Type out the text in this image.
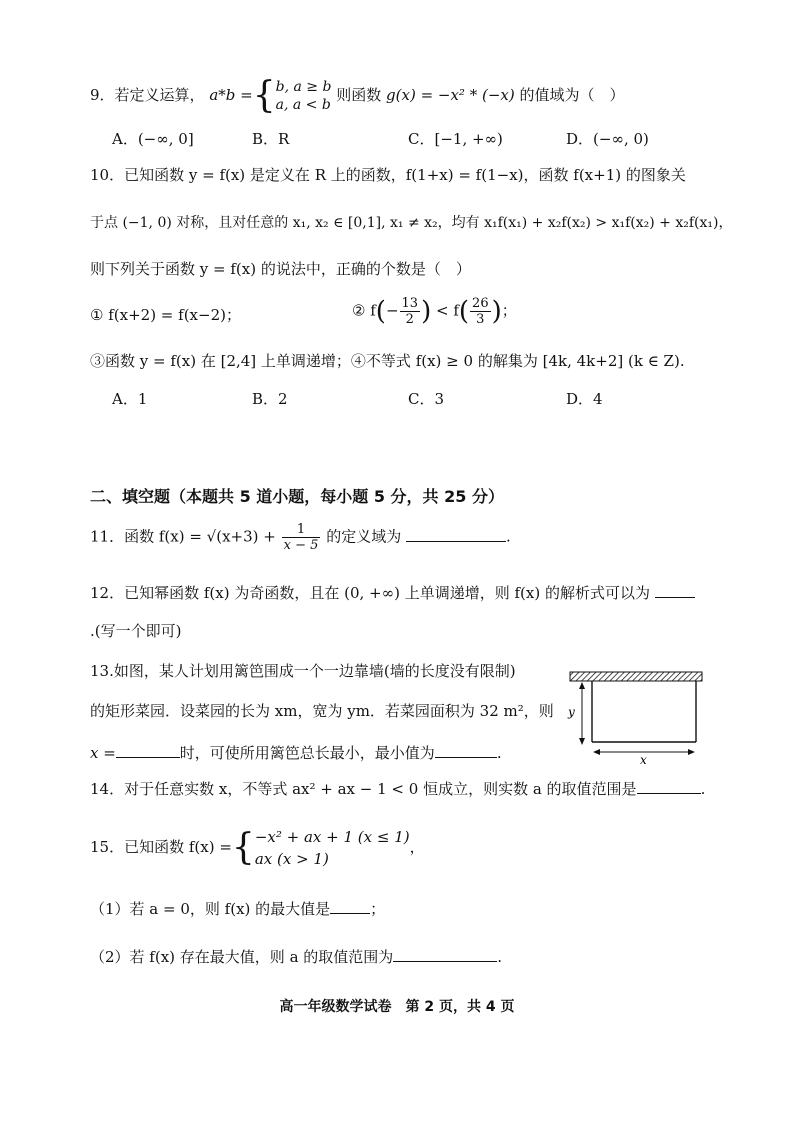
9．若定义运算， a*b ={ b, a ≥ b
a, a < b
则函数 g(x) = −x² * (−x) 的值域为（　）
A．(−∞, 0]	B．R	C．[−1, +∞)	D．(−∞, 0)
10．已知函数 y = f(x) 是定义在 R 上的函数，f(1+x) = f(1−x)，函数 f(x+1) 的图象关
于点 (−1, 0) 对称，且对任意的 x₁, x₂ ∈ [0,1], x₁ ≠ x₂，均有 x₁f(x₁) + x₂f(x₂) > x₁f(x₂) + x₂f(x₁)，
则下列关于函数 y = f(x) 的说法中，正确的个数是（　）
① f(x+2) = f(x−2)；	② $f(- \frac{13}{2}$ ) < $f( \frac{26}{3}$ )；
③函数 y = f(x) 在 [2,4] 上单调递增；④不等式 f(x) ≥ 0 的解集为 [4k, 4k+2] (k ∈ Z).
A．1	B．2	C．3	D．4
二、填空题（本题共 5 道小题，每小题 5 分，共 25 分）
11．函数 $f(x) = √(x+3) + \frac{1}{x - 5}$ 的定义域为	.
12．已知幂函数 f(x) 为奇函数，且在 (0, +∞) 上单调递增，则 f(x) 的解析式可以为
.(写一个即可)
13.如图，某人计划用篱笆围成一个一边靠墙(墙的长度没有限制)
的矩形菜园．设菜园的长为 xm，宽为 ym．若菜园面积为 32 m²，则
x =	时，可使所用篱笆总长最小，最小值为	.
y
x
14．对于任意实数 x，不等式 ax² + ax − 1 < 0 恒成立，则实数 a 的取值范围是	.
15．已知函数 f(x) ={ −x² + ax + 1 (x ≤ 1)
ax (x > 1)
，
（1）若 a = 0，则 f(x) 的最大值是	；
（2）若 f(x) 存在最大值，则 a 的取值范围为	.
高一年级数学试卷　第 2 页，共 4 页
